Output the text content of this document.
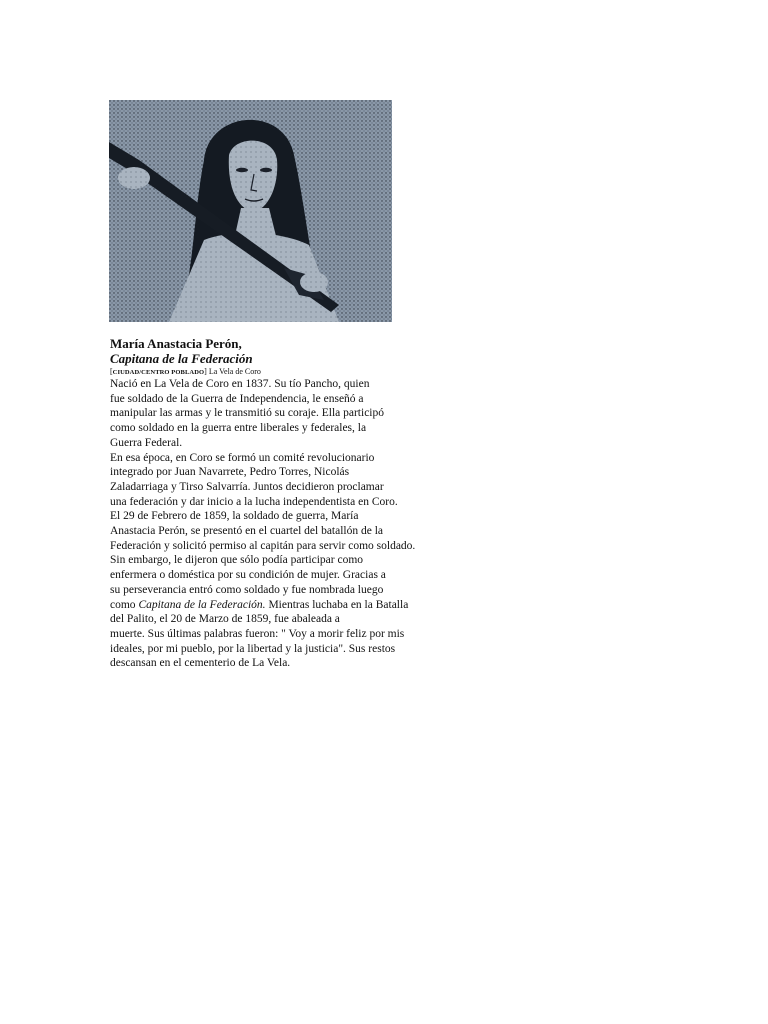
María Anastacia Perón,

Capitana de la Federación

[CIUDAD/CENTRO POBLADO] La Vela de Coro

Nació en La Vela de Coro en 1837. Su tío Pancho, quien
fue soldado de la Guerra de Independencia, le enseñó a
manipular las armas y le transmitió su coraje. Ella participó
como soldado en la guerra entre liberales y federales, la
Guerra Federal.
En esa época, en Coro se formó un comité revolucionario
integrado por Juan Navarrete, Pedro Torres, Nicolás
Zaladarriaga y Tirso Salvarría. Juntos decidieron proclamar
una federación y dar inicio a la lucha independentista en Coro.
El 29 de Febrero de 1859, la soldado de guerra, María
Anastacia Perón, se presentó en el cuartel del batallón de la
Federación y solicitó permiso al capitán para servir como soldado.
Sin embargo, le dijeron que sólo podía participar como
enfermera o doméstica por su condición de mujer. Gracias a
su perseverancia entró como soldado y fue nombrada luego
como Capitana de la Federación. Mientras luchaba en la Batalla
del Palito, el 20 de Marzo de 1859, fue abaleada a
muerte. Sus últimas palabras fueron: " Voy a morir feliz por mis
ideales, por mi pueblo, por la libertad y la justicia". Sus restos
descansan en el cementerio de La Vela.
